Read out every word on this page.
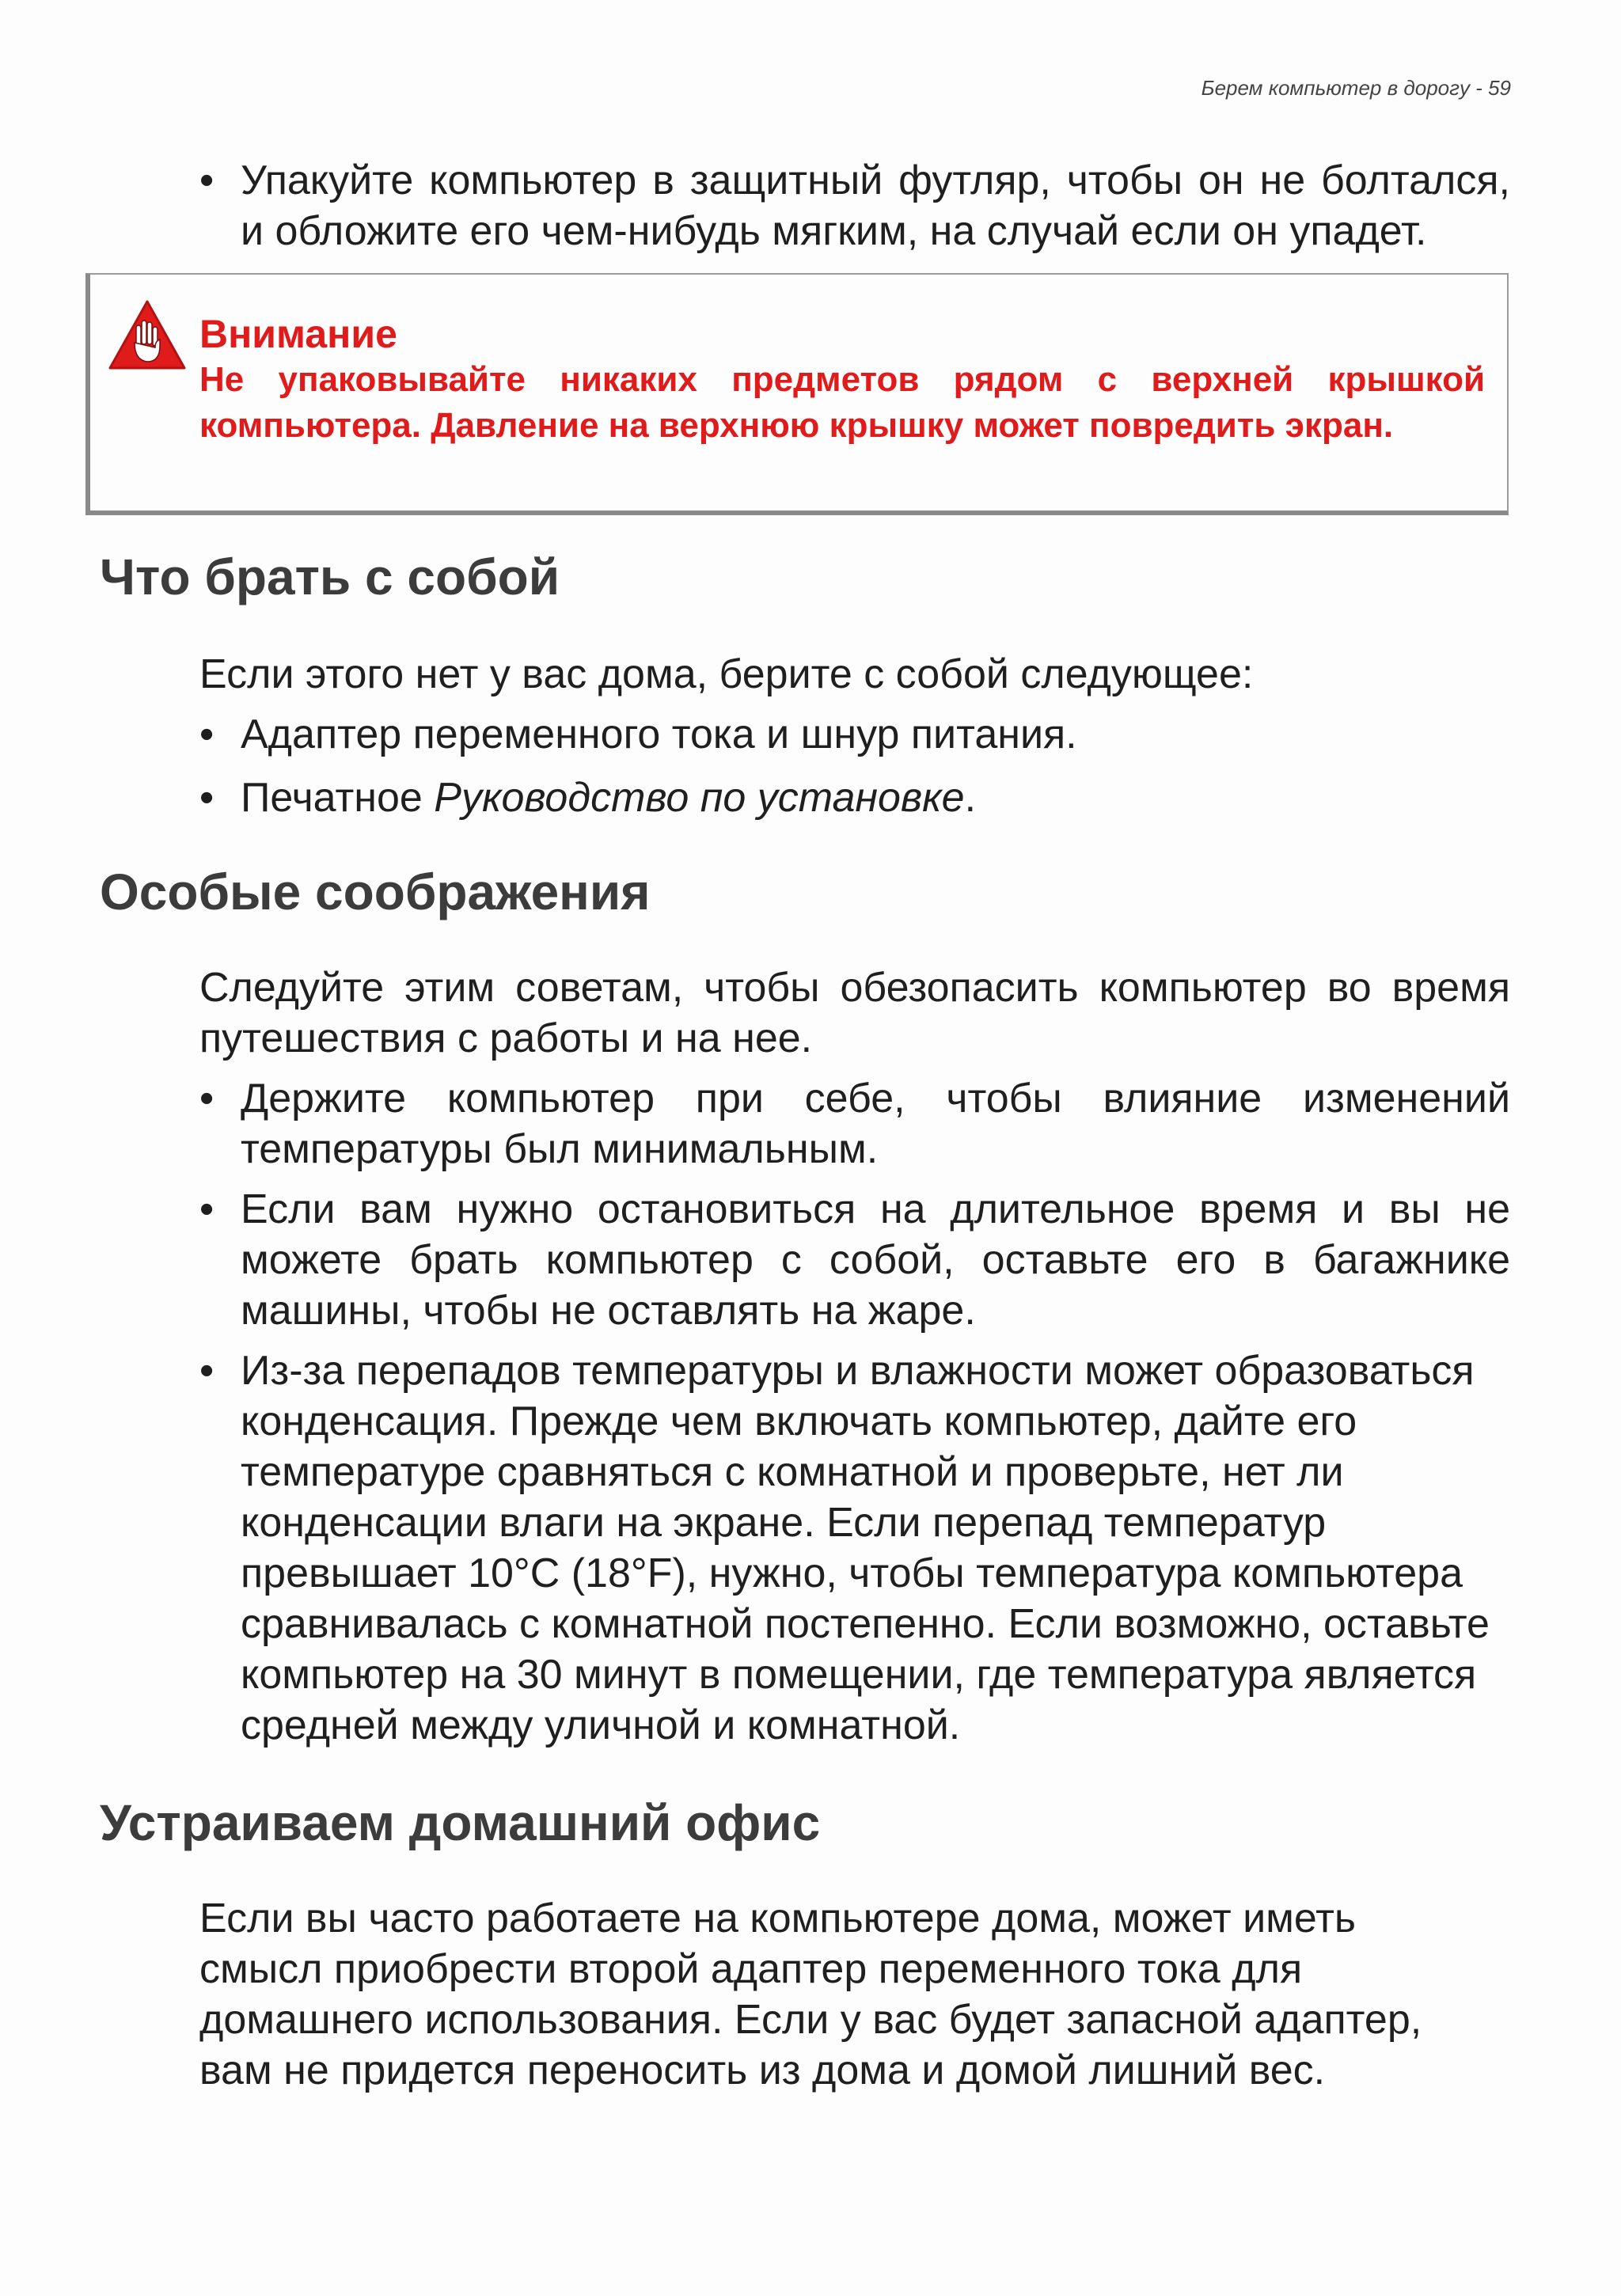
Берем компьютер в дорогу - 59
• Упакуйте компьютер в защитный футляр, чтобы он не болтался, и обложите его чем-нибудь мягким, на случай если он упадет.
Внимание
Не упаковывайте никаких предметов рядом с верхней крышкой компьютера. Давление на верхнюю крышку может повредить экран.
Что брать с собой
Если этого нет у вас дома, берите с собой следующее:
• Адаптер переменного тока и шнур питания.
• Печатное Руководство по установке.
Особые соображения
Следуйте этим советам, чтобы обезопасить компьютер во время путешествия с работы и на нее.
• Держите компьютер при себе, чтобы влияние изменений температуры был минимальным.
• Если вам нужно остановиться на длительное время и вы не можете брать компьютер с собой, оставьте его в багажнике машины, чтобы не оставлять на жаре.
• Из-за перепадов температуры и влажности может образоваться конденсация. Прежде чем включать компьютер, дайте его температуре сравняться с комнатной и проверьте, нет ли конденсации влаги на экране. Если перепад температур превышает 10°C (18°F), нужно, чтобы температура компьютера сравнивалась с комнатной постепенно. Если возможно, оставьте компьютер на 30 минут в помещении, где температура является средней между уличной и комнатной.
Устраиваем домашний офис
Если вы часто работаете на компьютере дома, может иметь смысл приобрести второй адаптер переменного тока для домашнего использования. Если у вас будет запасной адаптер, вам не придется переносить из дома и домой лишний вес.
